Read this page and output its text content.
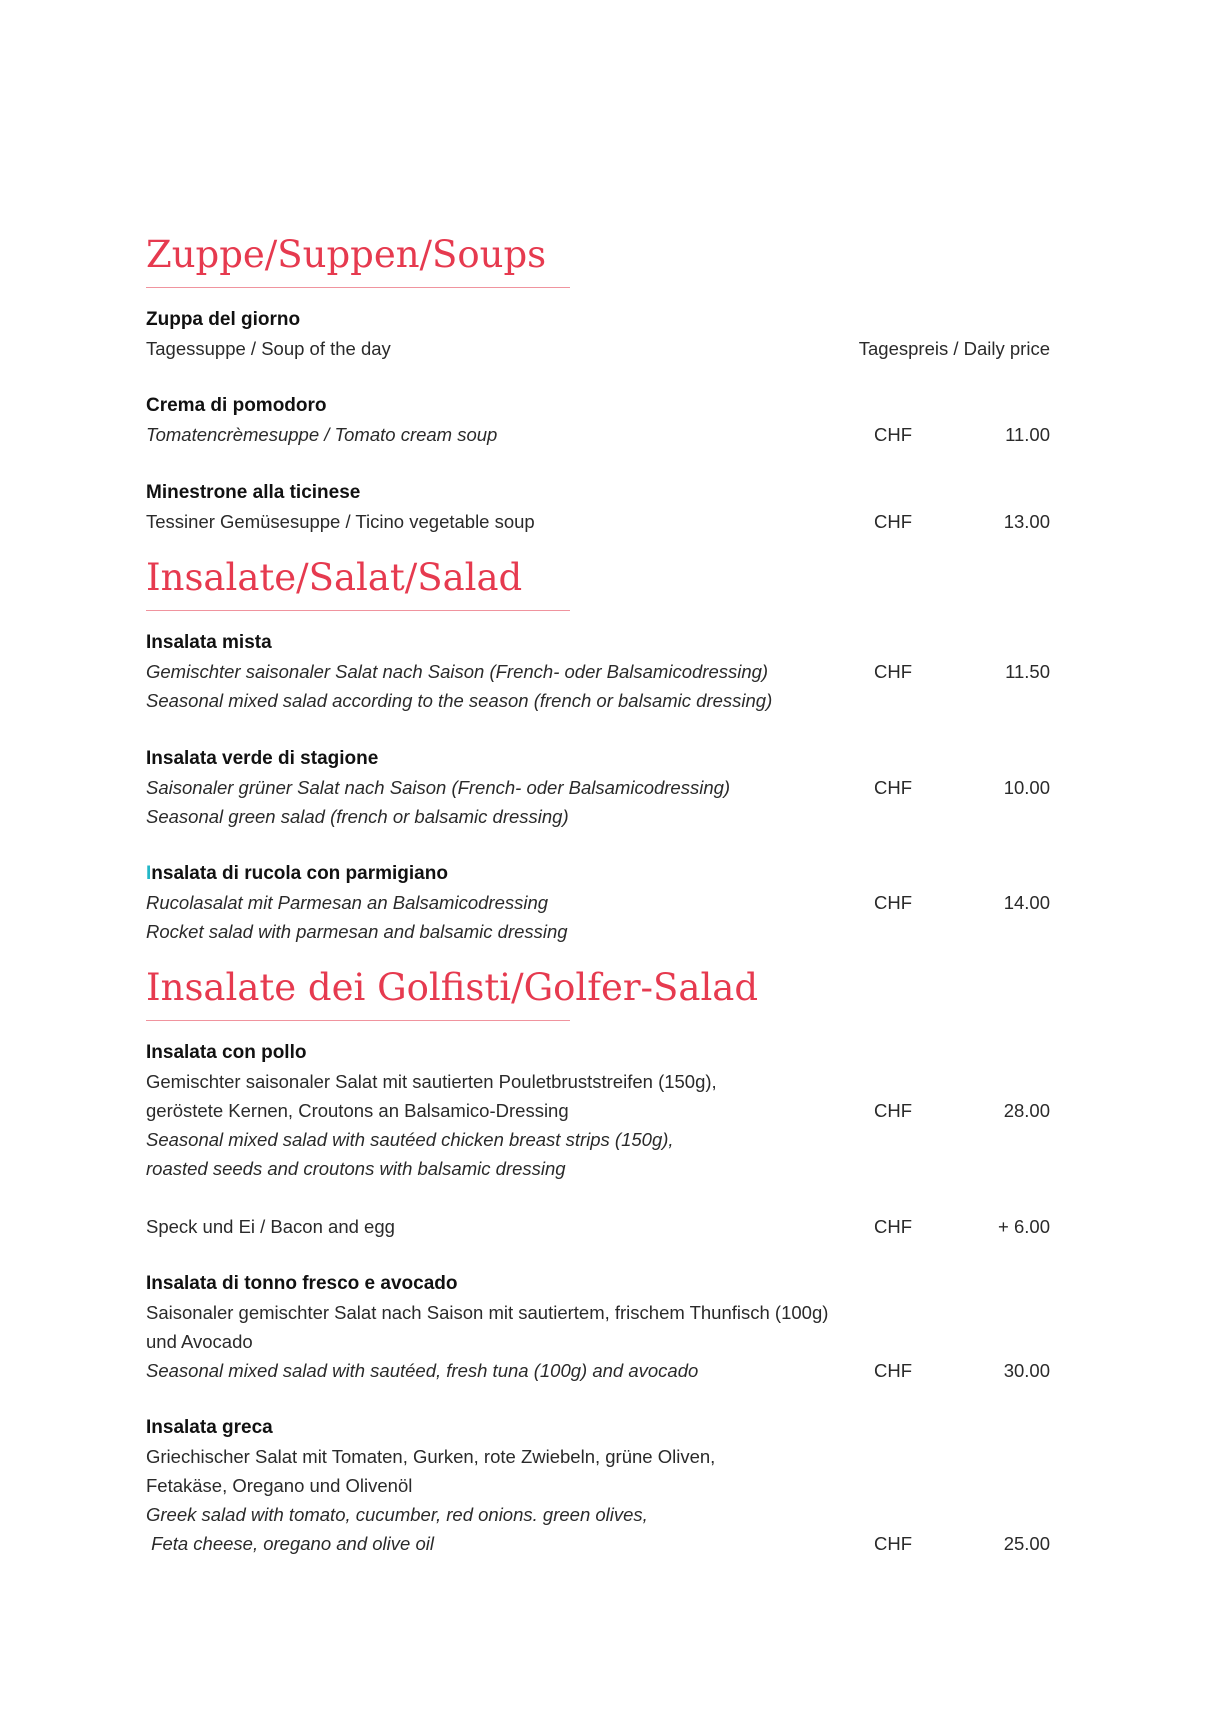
Zuppe/Suppen/Soups
Zuppa del giorno
Tagessuppe / Soup of the day	Tagespreis / Daily price
Crema di pomodoro
Tomatencrèmesuppe / Tomato cream soup	CHF	11.00
Minestrone alla ticinese
Tessiner Gemüsesuppe / Ticino vegetable soup	CHF	13.00
Insalate/Salat/Salad
Insalata mista
Gemischter saisonaler Salat nach Saison (French- oder Balsamicodressing)
Seasonal mixed salad according to the season (french or balsamic dressing)
CHF	11.50
Insalata verde di stagione
Saisonaler grüner Salat nach Saison (French- oder Balsamicodressing)
Seasonal green salad (french or balsamic dressing)
CHF	10.00
Insalata di rucola con parmigiano
Rucolasalat mit Parmesan an Balsamicodressing
Rocket salad with parmesan and balsamic dressing
CHF	14.00
Insalate dei Golfisti/Golfer-Salad
Insalata con pollo
Gemischter saisonaler Salat mit sautierten Pouletbruststreifen (150g),
geröstete Kernen, Croutons an Balsamico-Dressing
Seasonal mixed salad with sautéed chicken breast strips (150g),
roasted seeds and croutons with balsamic dressing
CHF	28.00
Speck und Ei / Bacon and egg	CHF	+ 6.00
Insalata di tonno fresco e avocado
Saisonaler gemischter Salat nach Saison mit sautiertem, frischem Thunfisch (100g)
und Avocado
Seasonal mixed salad with sautéed, fresh tuna (100g) and avocado	CHF	30.00
Insalata greca
Griechischer Salat mit Tomaten, Gurken, rote Zwiebeln, grüne Oliven,
Fetakäse, Oregano und Olivenöl
Greek salad with tomato, cucumber, red onions. green olives,
Feta cheese, oregano and olive oil	CHF	25.00
